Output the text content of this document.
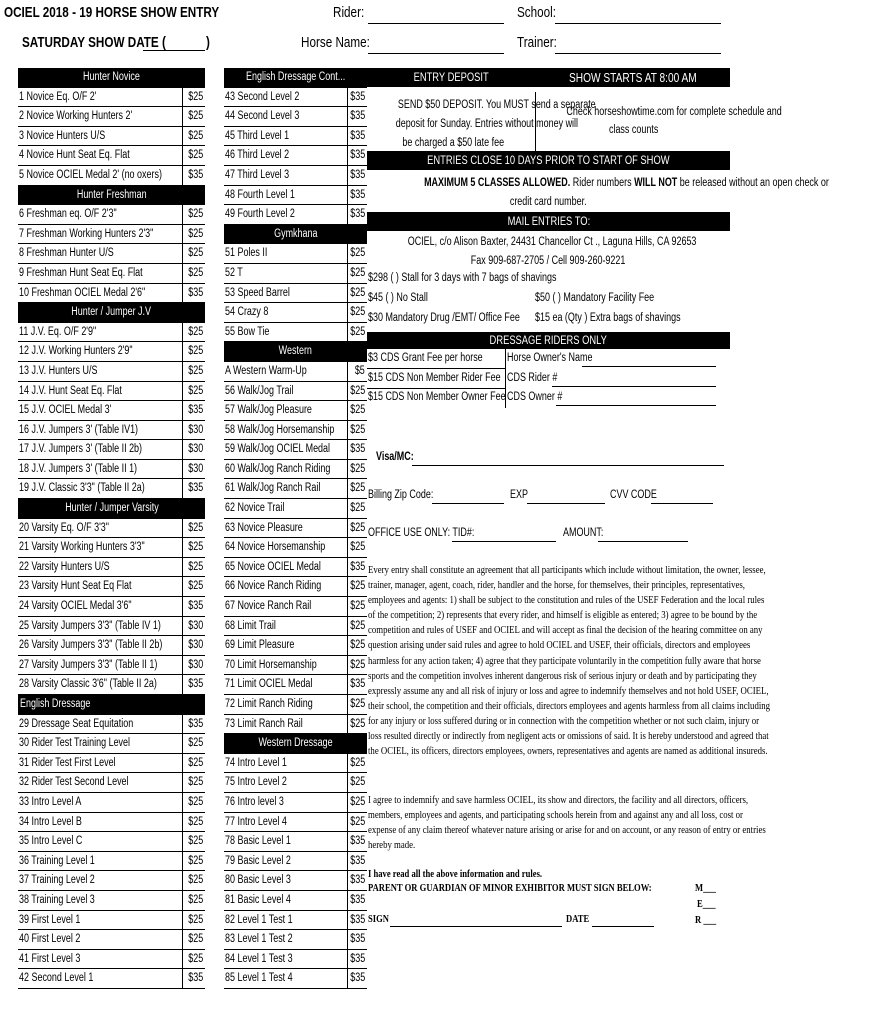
OCIEL 2018 - 19 HORSE SHOW ENTRY
SATURDAY SHOW DATE (	)
Rider:
Horse Name:
School:
Trainer:
Hunter Novice
1 Novice Eq. O/F 2'	$25
2 Novice Working Hunters 2'	$25
3 Novice Hunters U/S	$25
4 Novice Hunt Seat Eq. Flat	$25
5 Novice OCIEL Medal 2' (no oxers)	$35
Hunter Freshman
6 Freshman eq. O/F 2'3"	$25
7 Freshman Working Hunters 2'3"	$25
8 Freshman Hunter U/S	$25
9 Freshman Hunt Seat Eq. Flat	$25
10 Freshman OCIEL Medal 2'6"	$35
Hunter / Jumper J.V
11 J.V. Eq. O/F 2'9"	$25
12 J.V. Working Hunters 2'9"	$25
13 J.V. Hunters U/S	$25
14 J.V. Hunt Seat Eq. Flat	$25
15 J.V. OCIEL Medal 3'	$35
16 J.V. Jumpers 3' (Table IV1)	$30
17 J.V. Jumpers 3' (Table II 2b)	$30
18 J.V. Jumpers 3' (Table II 1)	$30
19 J.V. Classic 3'3" (Table II 2a)	$35
Hunter / Jumper Varsity
20 Varsity Eq. O/F 3'3"	$25
21 Varsity Working Hunters 3'3"	$25
22 Varsity Hunters U/S	$25
23 Varsity Hunt Seat Eq Flat	$25
24 Varsity OCIEL Medal 3'6"	$35
25 Varsity Jumpers 3'3" (Table IV 1)	$30
26 Varsity Jumpers 3'3" (Table II 2b)	$30
27 Varsity Jumpers 3'3" (Table II 1)	$30
28 Varsity Classic 3'6" (Table II 2a)	$35
English Dressage
29 Dressage Seat Equitation	$35
30 Rider Test Training Level	$25
31 Rider Test First Level	$25
32 Rider Test Second Level	$25
33 Intro Level A	$25
34 Intro Level B	$25
35 Intro Level C	$25
36 Training Level 1	$25
37 Training Level 2	$25
38 Training Level 3	$25
39 First Level 1	$25
40 First Level 2	$25
41 First Level 3	$25
42 Second Level 1	$35
English Dressage Cont...
43 Second Level 2	$35
44 Second Level 3	$35
45 Third Level 1	$35
46 Third Level 2	$35
47 Third Level 3	$35
48 Fourth Level 1	$35
49 Fourth Level 2	$35
Gymkhana
51 Poles II	$25
52 T	$25
53 Speed Barrel	$25
54 Crazy 8	$25
55 Bow Tie	$25
Western
A Western Warm-Up	$5
56 Walk/Jog Trail	$25
57 Walk/Jog Pleasure	$25
58 Walk/Jog Horsemanship	$25
59 Walk/Jog OCIEL Medal	$35
60 Walk/Jog Ranch Riding	$25
61 Walk/Jog Ranch Rail	$25
62 Novice Trail	$25
63 Novice Pleasure	$25
64 Novice Horsemanship	$25
65 Novice OCIEL Medal	$35
66 Novice Ranch Riding	$25
67 Novice Ranch Rail	$25
68 Limit Trail	$25
69 Limit Pleasure	$25
70 Limit Horsemanship	$25
71 Limit OCIEL Medal	$35
72 Limit Ranch Riding	$25
73 Limit Ranch Rail	$25
Western Dressage
74 Intro Level 1	$25
75 Intro Level 2	$25
76 Intro level 3	$25
77 Intro Level 4	$25
78 Basic Level 1	$35
79 Basic Level 2	$35
80 Basic Level 3	$35
81 Basic Level 4	$35
82 Level 1 Test 1	$35
83 Level 1 Test 2	$35
84 Level 1 Test 3	$35
85 Level 1 Test 4	$35
ENTRY DEPOSIT	SHOW STARTS AT 8:00 AM
SEND $50 DEPOSIT. You MUST send a separate
deposit for Sunday. Entries without money will
be charged a $50 late fee
Check horseshowtime.com for complete schedule and
class counts
ENTRIES CLOSE 10 DAYS PRIOR TO START OF SHOW
MAXIMUM 5 CLASSES ALLOWED. Rider numbers WILL NOT be released without an open check or
credit card number.
MAIL ENTRIES TO:
OCIEL, c/o Alison Baxter, 24431 Chancellor Ct ., Laguna Hills, CA 92653
Fax 909-687-2705 / Cell 909-260-9221
$298 ( ) Stall for 3 days with 7 bags of shavings
$45 ( ) No Stall	$50 ( ) Mandatory Facility Fee
$30 Mandatory Drug /EMT/ Office Fee	$15 ea (Qty ) Extra bags of shavings
DRESSAGE RIDERS ONLY
$3 CDS Grant Fee per horse	Horse Owner's Name
$15 CDS Non Member Rider Fee CDS Rider #
$15 CDS Non Member Owner Fee CDS Owner #
Visa/MC:
Billing Zip Code:	EXP	CVV CODE
OFFICE USE ONLY: TID#:	AMOUNT:
Every entry shall constitute an agreement that all participants which include without limitation, the owner, lessee,
trainer, manager, agent, coach, rider, handler and the horse, for themselves, their principles, representatives,
employees and agents: 1) shall be subject to the constitution and rules of the USEF Federation and the local rules
of the competition; 2) represents that every rider, and himself is eligible as entered; 3) agree to be bound by the
competition and rules of USEF and OCIEL and will accept as final the decision of the hearing committee on any
question arising under said rules and agree to hold OCIEL and USEF, their officials, directors and employees
harmless for any action taken; 4) agree that they participate voluntarily in the competition fully aware that horse
sports and the competition involves inherent dangerous risk of serious injury or death and by participating they
expressly assume any and all risk of injury or loss and agree to indemnify themselves and not hold USEF, OCIEL,
their school, the competition and their officials, directors employees and agents harmless from all claims including
for any injury or loss suffered during or in connection with the competition whether or not such claim, injury or
loss resulted directly or indirectly from negligent acts or omissions of said. It is hereby understood and agreed that
the OCIEL, its officers, directors employees, owners, representatives and agents are named as additional insureds.
I agree to indemnify and save harmless OCIEL, its show and directors, the facility and all directors, officers,
members, employees and agents, and participating schools herein from and against any and all loss, cost or
expense of any claim thereof whatever nature arising or arise for and on account, or any reason of entry or entries
hereby made.
I have read all the above information and rules.
PARENT OR GUARDIAN OF MINOR EXHIBITOR MUST SIGN BELOW:	M___
E___
R ___
SIGN	DATE
